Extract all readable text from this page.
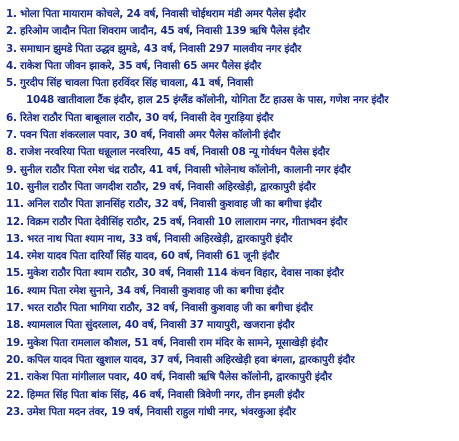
1. भोला पिता मायाराम कोचले, 24 वर्ष, निवासी चोईथराम मंडी अमर पैलेस इंदौर
2. हरिओम जादौन पिता शिवराम जादौन, 45 वर्ष, निवासी 139 ऋषि पैलेस इंदौर
3. समाधान झुमडे पिता उद्धव झुमडे, 43 वर्ष, निवासी 297 मालवीय नगर इंदौर
4. राकेश पिता जीवन झाकरे, 35 वर्ष, निवासी 65 अमर पैलेस इंदौर
5. गुरदीप सिंह चावला पिता हरविंदर सिंह चावला, 41 वर्ष, निवासी
1048 खातीवाला टैंक इंदौर, हाल 25 इंग्लैंड कॉलोनी, योगिता टैंट हाउस के पास, गणेश नगर इंदौर
6. रितेश राठौर पिता बाबूलाल राठौर, 30 वर्ष, निवासी देव गुराड़िया इंदौर
7. पवन पिता शंकरलाल पवार, 30 वर्ष, निवासी अमर पैलेस कॉलोनी इंदौर
8. राजेश नरवरिया पिता धन्नूलाल नरवरिया, 45 वर्ष, निवासी 08 न्यू गोर्वधन पैलेस इंदौर
9. सुनील राठौर पिता रमेश चंद्र राठौर, 41 वर्ष, निवासी भोलेनाथ कॉलोनी, कालानी नगर इंदौर
10. सुनील राठौर पिता जगदीश राठौर, 29 वर्ष, निवासी अहिरखेड़ी, द्वारकापुरी इंदौर
11. अनिल राठौर पिता ज्ञानसिंह राठौर, 32 वर्ष, निवासी कुशवाह जी का बगीचा इंदौर
12. विक्रम राठौर पिता देवीसिंह राठौर, 25 वर्ष, निवासी 10 लालाराम नगर, गीताभवन इंदौर
13. भरत नाथ पिता श्याम नाथ, 33 वर्ष, निवासी अहिरखेड़ी, द्वारकापुरी इंदौर
14. रमेश यादव पिता दारियाँ सिंह यादव, 60 वर्ष, निवासी 61 जूनी इंदौर
15. मुकेश राठौर पिता श्याम राठौर, 30 वर्ष, निवासी 114 कंचन विहार, देवास नाका इंदौर
16. श्याम पिता रमेश सुनाने, 34 वर्ष, निवासी कुशवाह जी का बगीचा इंदौर
17. भरत राठौर पिता भागिया राठौर, 32 वर्ष, निवासी कुशवाह जी का बगीचा इंदौर
18. श्यामलाल पिता सुंदरलाल, 40 वर्ष, निवासी 37 मायापुरी, खजराना इंदौर
19. मुकेश पिता रामलाल कौशल, 51 वर्ष, निवासी राम मंदिर के सामने, मूसाखेड़ी इंदौर
20. कपिल यादव पिता खुशाल यादव, 37 वर्ष, निवासी अहिरखेड़ी हवा बंगला, द्वारकापुरी इंदौर
21. राकेश पिता मांगीलाल पवार, 40 वर्ष, निवासी ऋषि पैलेस कॉलोनी, द्वारकापुरी इंदौर
22. हिम्मत सिंह पिता बांक सिंह, 46 वर्ष, निवासी त्रिवेणी नगर, तीन इमली इंदौर
23. उमेश पिता मदन तंवर, 19 वर्ष, निवासी राहुल गांधी नगर, भंवरकुआ इंदौर
